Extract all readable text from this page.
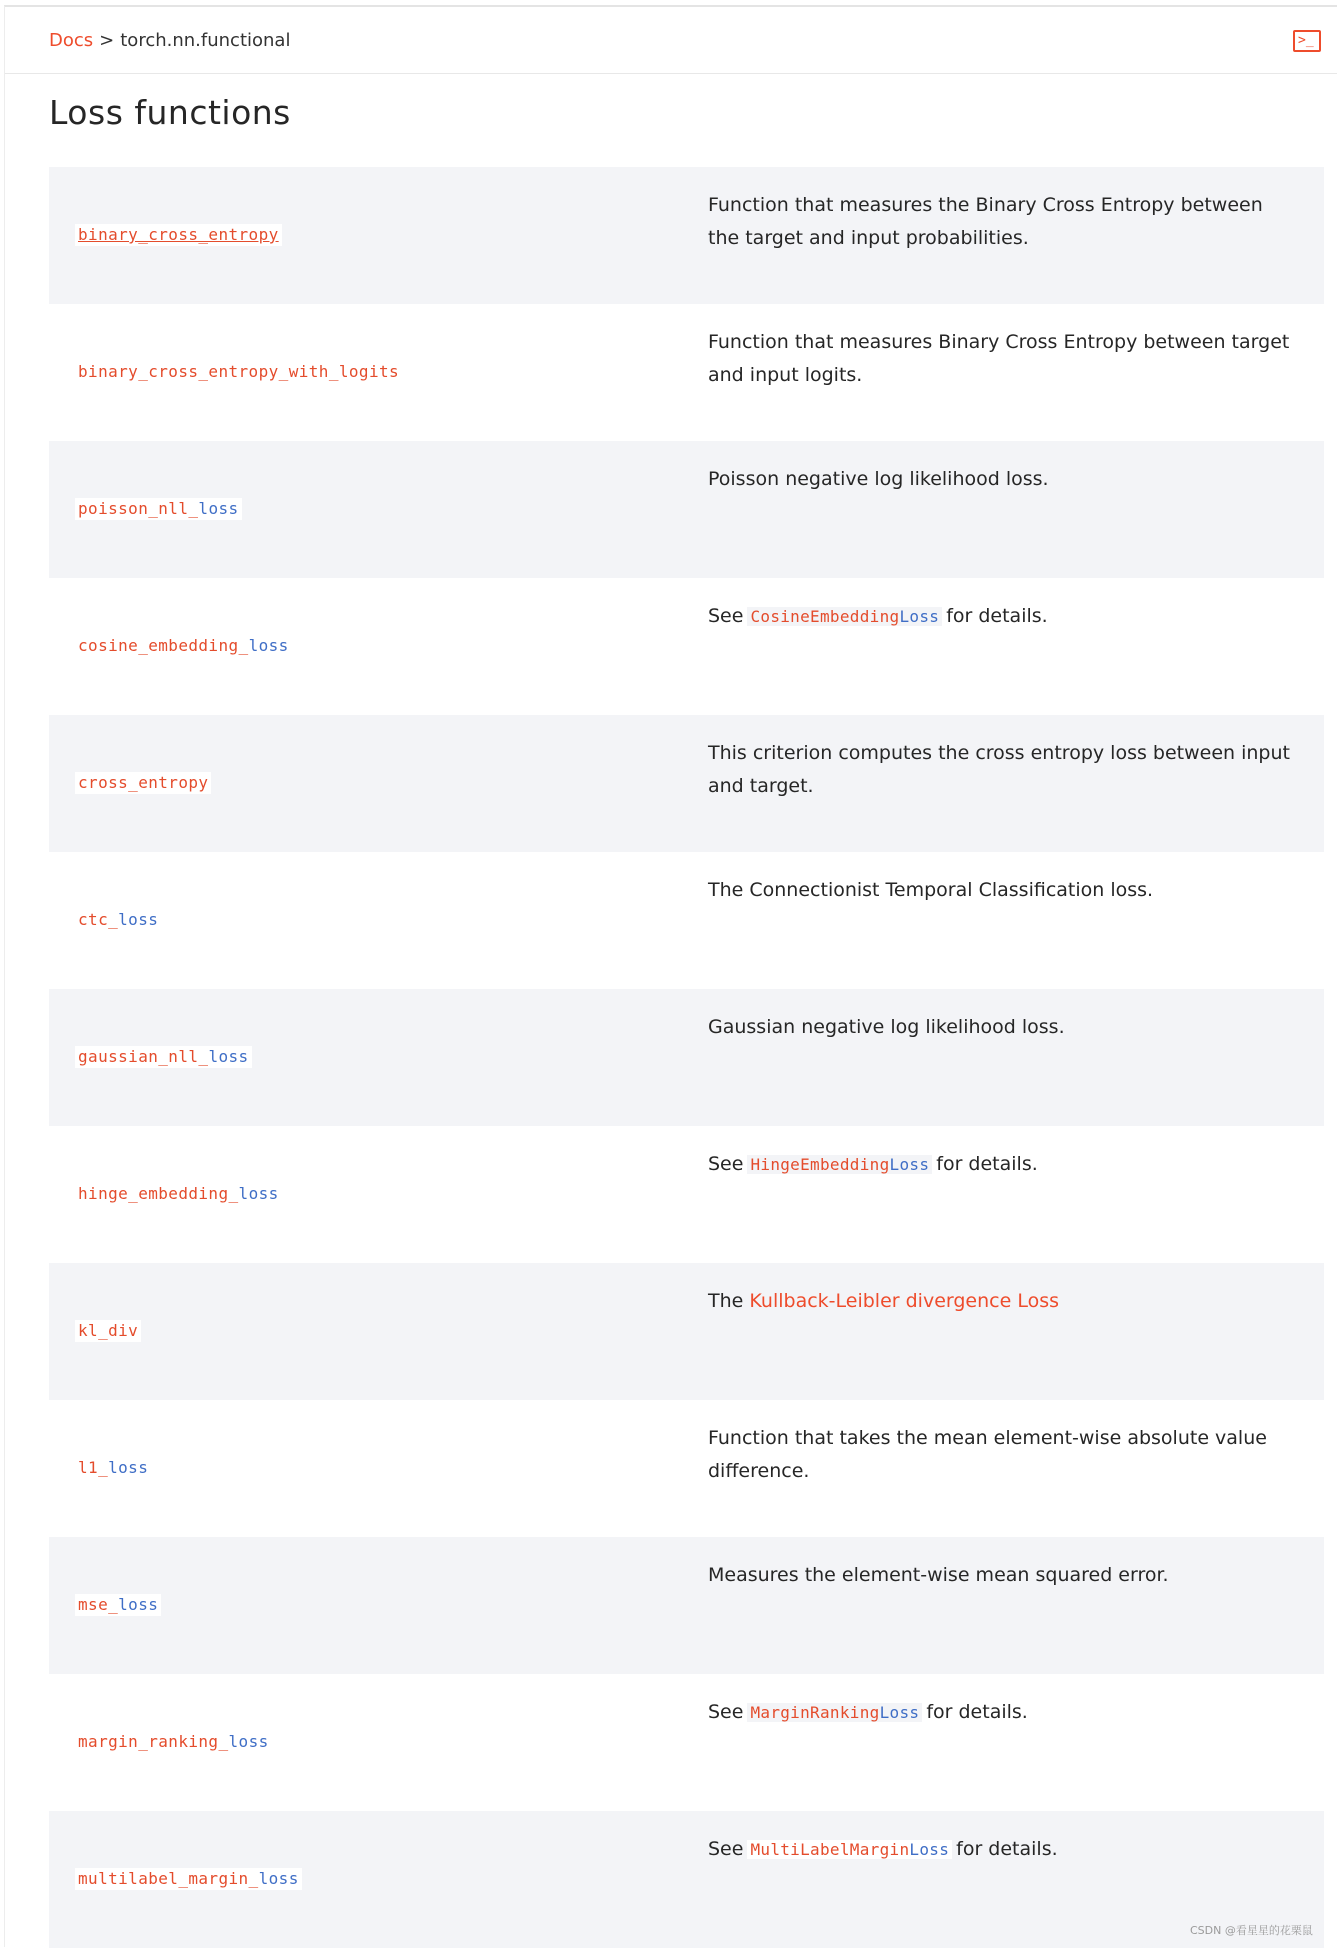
Docs > torch.nn.functional	>_
Loss functions
binary_cross_entropy
Function that measures the Binary Cross Entropy between the target and input probabilities.
binary_cross_entropy_with_logits
Function that measures Binary Cross Entropy between target and input logits.
poisson_nll_loss
Poisson negative log likelihood loss.
cosine_embedding_loss
See CosineEmbeddingLoss for details.
cross_entropy
This criterion computes the cross entropy loss between input and target.
ctc_loss
The Connectionist Temporal Classification loss.
gaussian_nll_loss
Gaussian negative log likelihood loss.
hinge_embedding_loss
See HingeEmbeddingLoss for details.
kl_div
The Kullback-Leibler divergence Loss
l1_loss
Function that takes the mean element-wise absolute value difference.
mse_loss
Measures the element-wise mean squared error.
margin_ranking_loss
See MarginRankingLoss for details.
multilabel_margin_loss
See MultiLabelMarginLoss for details.
CSDN @看星星的花栗鼠
